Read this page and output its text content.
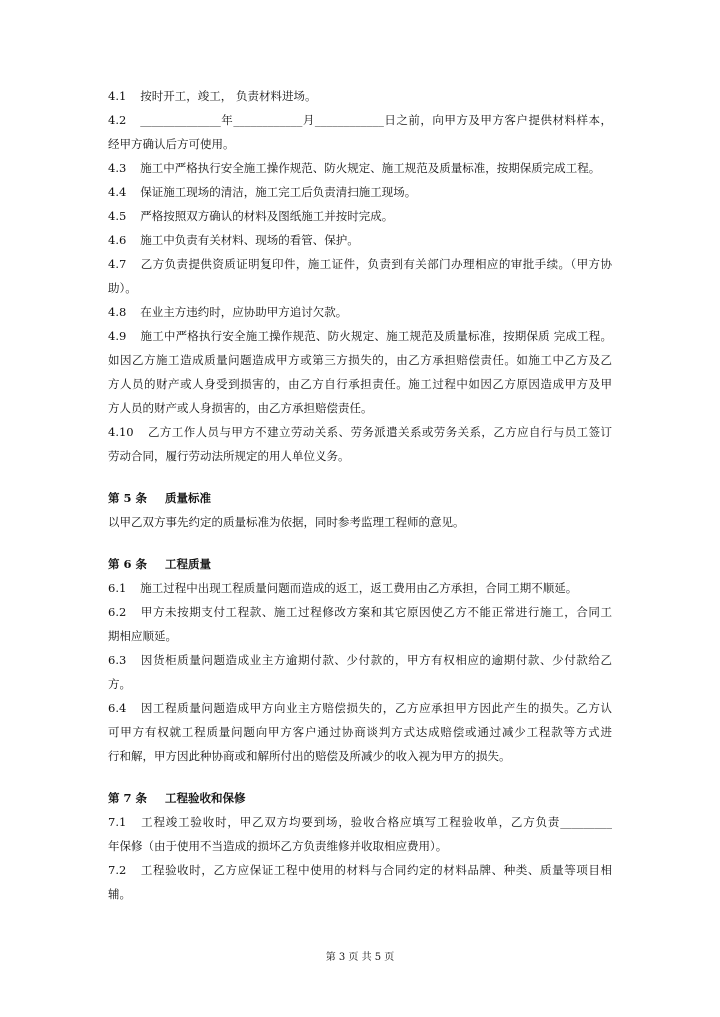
4.1 按时开工，竣工， 负责材料进场。
4.2 ______________年____________月____________日之前，向甲方及甲方客户提供材料样本，
经甲方确认后方可使用。
4.3 施工中严格执行安全施工操作规范、防火规定、施工规范及质量标准，按期保质完成工程。
4.4 保证施工现场的清洁，施工完工后负责清扫施工现场。
4.5 严格按照双方确认的材料及图纸施工并按时完成。
4.6 施工中负责有关材料、现场的看管、保护。
4.7 乙方负责提供资质证明复印件，施工证件，负责到有关部门办理相应的审批手续。（甲方协
助）。
4.8 在业主方违约时，应协助甲方追讨欠款。
4.9 施工中严格执行安全施工操作规范、防火规定、施工规范及质量标准，按期保质 完成工程。
如因乙方施工造成质量问题造成甲方或第三方损失的，由乙方承担赔偿责任。如施工中乙方及乙
方人员的财产或人身受到损害的，由乙方自行承担责任。施工过程中如因乙方原因造成甲方及甲
方人员的财产或人身损害的，由乙方承担赔偿责任。
4.10 乙方工作人员与甲方不建立劳动关系、劳务派遣关系或劳务关系，乙方应自行与员工签订
劳动合同，履行劳动法所规定的用人单位义务。
第 5 条 质量标准
以甲乙双方事先约定的质量标准为依据，同时参考监理工程师的意见。
第 6 条 工程质量
6.1 施工过程中出现工程质量问题而造成的返工，返工费用由乙方承担，合同工期不顺延。
6.2 甲方未按期支付工程款、施工过程修改方案和其它原因使乙方不能正常进行施工，合同工
期相应顺延。
6.3 因货柜质量问题造成业主方逾期付款、少付款的，甲方有权相应的逾期付款、少付款给乙
方。
6.4 因工程质量问题造成甲方向业主方赔偿损失的，乙方应承担甲方因此产生的损失。乙方认
可甲方有权就工程质量问题向甲方客户通过协商谈判方式达成赔偿或通过减少工程款等方式进
行和解，甲方因此种协商或和解所付出的赔偿及所减少的收入视为甲方的损失。
第 7 条 工程验收和保修
7.1 工程竣工验收时，甲乙双方均要到场，验收合格应填写工程验收单，乙方负责_________
年保修（由于使用不当造成的损坏乙方负责维修并收取相应费用）。
7.2 工程验收时，乙方应保证工程中使用的材料与合同约定的材料品牌、种类、质量等项目相
辅。
第 3 页 共 5 页
